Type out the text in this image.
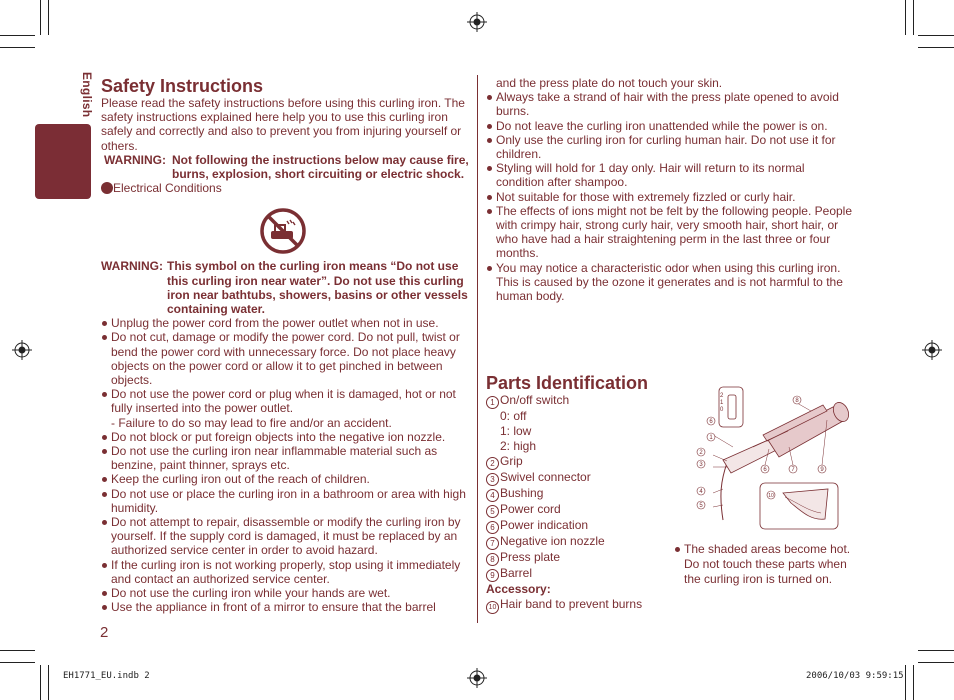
English Safety Instructions

Please read the safety instructions before using this curling iron. The safety instructions explained here help you to use this curling iron safely and correctly and also to prevent you from injuring yourself or others.

WARNING: Not following the instructions below may cause fire, burns, explosion, short circuiting or electric shock.
Electrical Conditions
WARNING: This symbol on the curling iron means “Do not use this curling iron near water”. Do not use this curling iron near bathtubs, showers, basins or other vessels containing water.
Unplug the power cord from the power outlet when not in use.
Do not cut, damage or modify the power cord. Do not pull, twist or bend the power cord with unnecessary force. Do not place heavy objects on the power cord or allow it to get pinched in between objects.
Do not use the power cord or plug when it is damaged, hot or not fully inserted into the power outlet.
- Failure to do so may lead to fire and/or an accident.
Do not block or put foreign objects into the negative ion nozzle.
Do not use the curling iron near inflammable material such as benzine, paint thinner, sprays etc.
Keep the curling iron out of the reach of children.
Do not use or place the curling iron in a bathroom or area with high humidity.
Do not attempt to repair, disassemble or modify the curling iron by yourself. If the supply cord is damaged, it must be replaced by an authorized service center in order to avoid hazard.
If the curling iron is not working properly, stop using it immediately and contact an authorized service center.
Do not use the curling iron while your hands are wet.
Use the appliance in front of a mirror to ensure that the barrel
2
and the press plate do not touch your skin.
Always take a strand of hair with the press plate opened to avoid burns.
Do not leave the curling iron unattended while the power is on.
Only use the curling iron for curling human hair. Do not use it for children.
Styling will hold for 1 day only. Hair will return to its normal condition after shampoo.
Not suitable for those with extremely fizzled or curly hair.
The effects of ions might not be felt by the following people. People with crimpy hair, strong curly hair, very smooth hair, short hair, or who have had a hair straightening perm in the last three or four months.
You may notice a characteristic odor when using this curling iron. This is caused by the ozone it generates and is not harmful to the human body.
Parts Identification
1 On/off switch
0: off
1: low
2: high
2 Grip
3 Swivel connector
4 Bushing
5 Power cord
6 Power indication
7 Negative ion nozzle
8 Press plate
9 Barrel
Accessory:
10 Hair band to prevent burns
2
1
0
6
1
2
3
4
5
8
6	7	9
10
The shaded areas become hot. Do not touch these parts when the curling iron is turned on.
EH1771_EU.indb 2	2006/10/03 9:59:15
